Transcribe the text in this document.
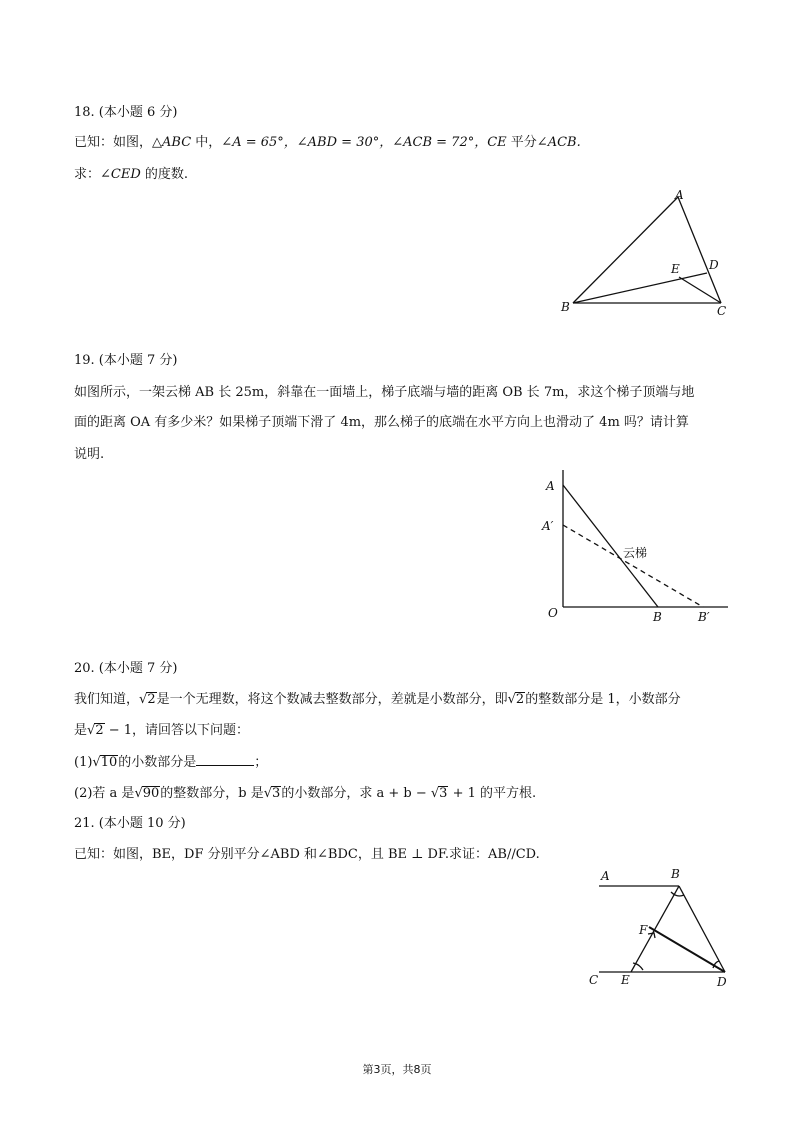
18. (本小题 6 分)
已知：如图，△ABC 中，∠A = 65°，∠ABD = 30°，∠ACB = 72°，CE 平分∠ACB.
求：∠CED 的度数.
A
B	C
D
E
19. (本小题 7 分)
如图所示，一架云梯 AB 长 25m，斜靠在一面墙上，梯子底端与墙的距离 OB 长 7m，求这个梯子顶端与地
面的距离 OA 有多少米？如果梯子顶端下滑了 4m，那么梯子的底端在水平方向上也滑动了 4m 吗？请计算
说明.
A
A′
云梯
O	B	B′
20. (本小题 7 分)
我们知道，√2是一个无理数，将这个数减去整数部分，差就是小数部分，即√2的整数部分是 1，小数部分
是√2 − 1，请回答以下问题：
(1)√10的小数部分是	；
(2)若 a 是√90的整数部分，b 是√3的小数部分，求 a + b − √3 + 1 的平方根.
21. (本小题 10 分)
已知：如图，BE，DF 分别平分∠ABD 和∠BDC，且 BE ⊥ DF.求证：AB//CD.
A	B
F
C E	D
第3页，共8页
